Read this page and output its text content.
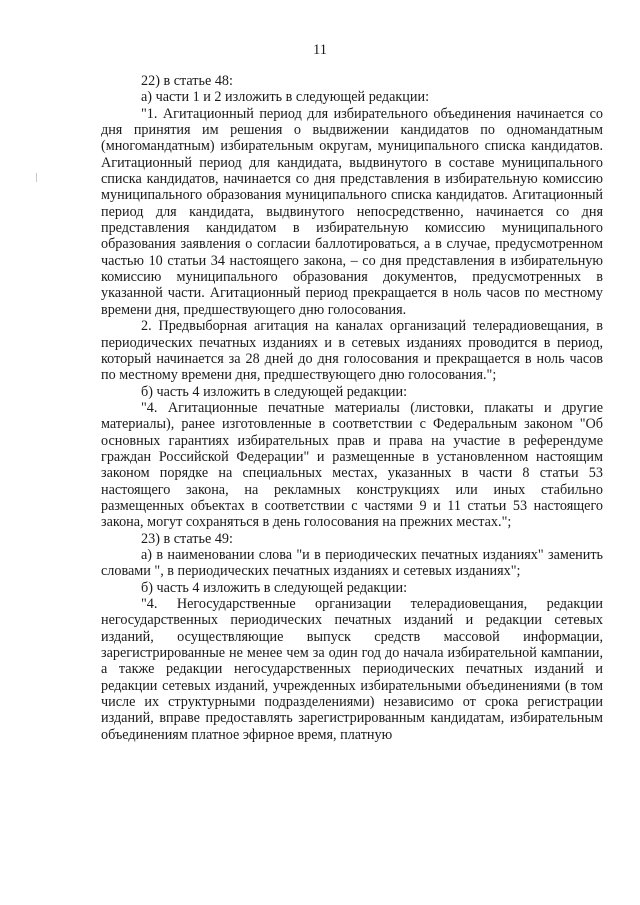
11

22) в статье 48:

а) части 1 и 2 изложить в следующей редакции:

"1. Агитационный период для избирательного объединения начинается со дня принятия им решения о выдвижении кандидатов по одномандатным (многомандатным) избирательным округам, муниципального списка кандидатов. Агитационный период для кандидата, выдвинутого в составе муниципального списка кандидатов, начинается со дня представления в избирательную комиссию муниципального образования муниципального списка кандидатов. Агитационный период для кандидата, выдвинутого непосредственно, начинается со дня представления кандидатом в избирательную комиссию муниципального образования заявления о согласии баллотироваться, а в случае, предусмотренном частью 10 статьи 34 настоящего закона, – со дня представления в избирательную комиссию муниципального образования документов, предусмотренных в указанной части. Агитационный период прекращается в ноль часов по местному времени дня, предшествующего дню голосования.

2. Предвыборная агитация на каналах организаций телерадиовещания, в периодических печатных изданиях и в сетевых изданиях проводится в период, который начинается за 28 дней до дня голосования и прекращается в ноль часов по местному времени дня, предшествующего дню голосования.";

б) часть 4 изложить в следующей редакции:

"4. Агитационные печатные материалы (листовки, плакаты и другие материалы), ранее изготовленные в соответствии с Федеральным законом "Об основных гарантиях избирательных прав и права на участие в референдуме граждан Российской Федерации" и размещенные в установленном настоящим законом порядке на специальных местах, указанных в части 8 статьи 53 настоящего закона, на рекламных конструкциях или иных стабильно размещенных объектах в соответствии с частями 9 и 11 статьи 53 настоящего закона, могут сохраняться в день голосования на прежних местах.";

23) в статье 49:

а) в наименовании слова "и в периодических печатных изданиях" заменить словами ", в периодических печатных изданиях и сетевых изданиях";

б) часть 4 изложить в следующей редакции:

"4. Негосударственные организации телерадиовещания, редакции негосударственных периодических печатных изданий и редакции сетевых изданий, осуществляющие выпуск средств массовой информации, зарегистрированные не менее чем за один год до начала избирательной кампании, а также редакции негосударственных периодических печатных изданий и редакции сетевых изданий, учрежденных избирательными объединениями (в том числе их структурными подразделениями) независимо от срока регистрации изданий, вправе предоставлять зарегистрированным кандидатам, избирательным объединениям платное эфирное время, платную
